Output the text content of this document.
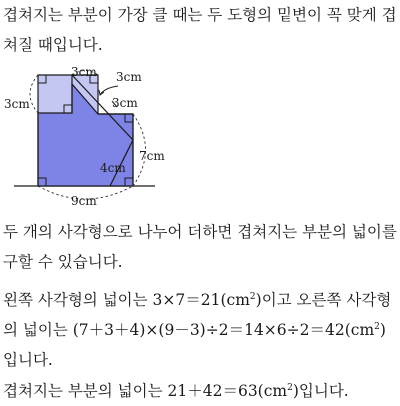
겹쳐지는 부분이 가장 클 때는 두 도형의 밑변이 꼭 맞게 겹쳐질 때입니다.
3cm 3cm
3cm
3cm
7cm
4cm
9cm
두 개의 사각형으로 나누어 더하면 겹쳐지는 부분의 넓이를 구할 수 있습니다.
왼쪽 사각형의 넓이는 $3\times 7=21(cm^2)$이고 오른쪽 사각형의 넓이는 $(7+3+4)\times(9-3)\div 2=14\times 6\div 2=42(cm^2)$입니다.
겹쳐지는 부분의 넓이는 $21+42=63(cm^2)$입니다.
